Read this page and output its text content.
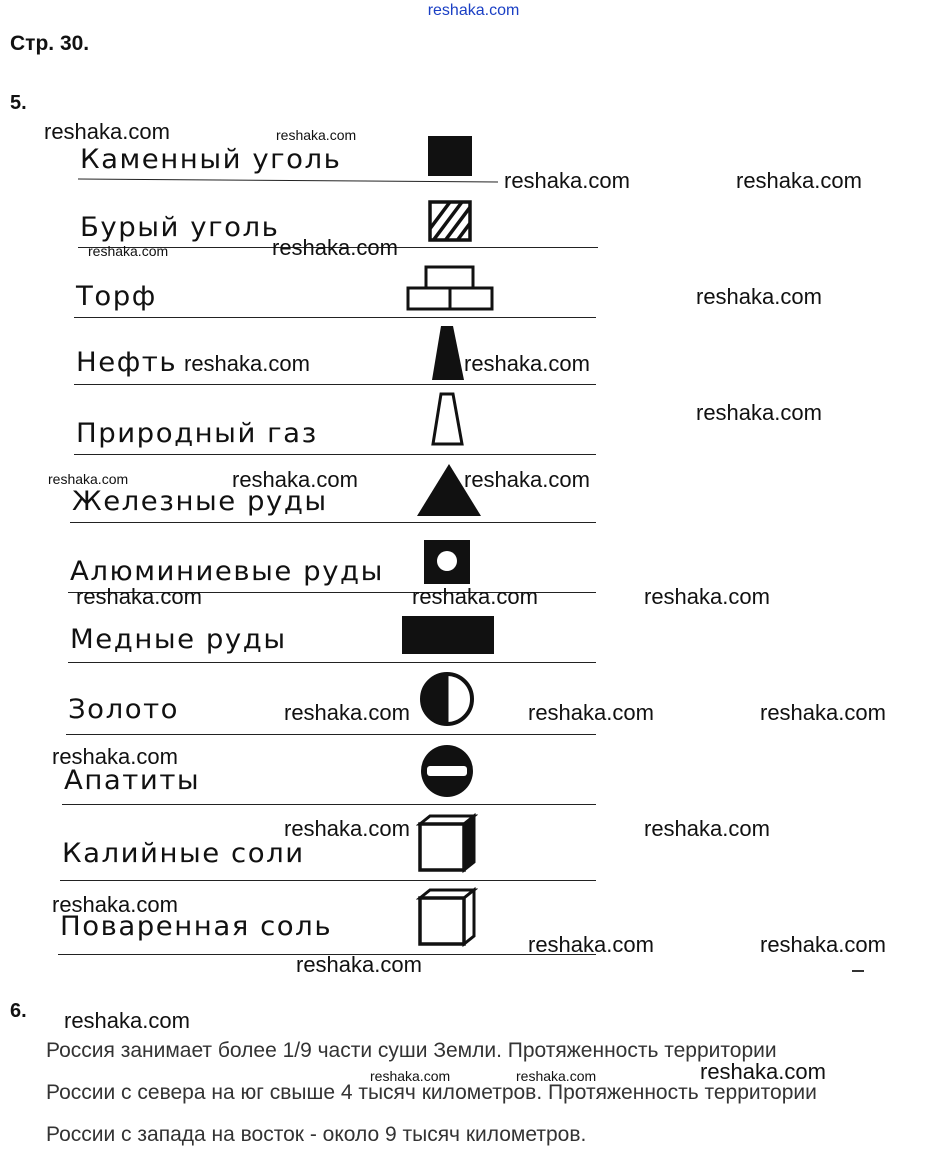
reshaka.com
Стр. 30.
5.
Каменный уголь
Бурый уголь
Торф
Нефть
Природный газ
Железные руды
Алюминиевые руды
Медные руды
Золото
Апатиты
Калийные соли
Поваренная соль
6.
Россия занимает более 1/9 части суши Земли. Протяженность территории
России с севера на юг свыше 4 тысяч километров. Протяженность территории
России с запада на восток - около 9 тысяч километров.
reshaka.com	reshaka.com
reshaka.com	reshaka.com
reshaka.com
reshaka.com
reshaka.com
reshaka.com	reshaka.com
reshaka.com
reshaka.com	reshaka.com	reshaka.com
reshaka.com	reshaka.com	reshaka.com
reshaka.com	reshaka.com	reshaka.com
reshaka.com
reshaka.com	reshaka.com
reshaka.com
reshaka.com	reshaka.com
reshaka.com
reshaka.com
reshaka.com	reshaka.com	reshaka.com
